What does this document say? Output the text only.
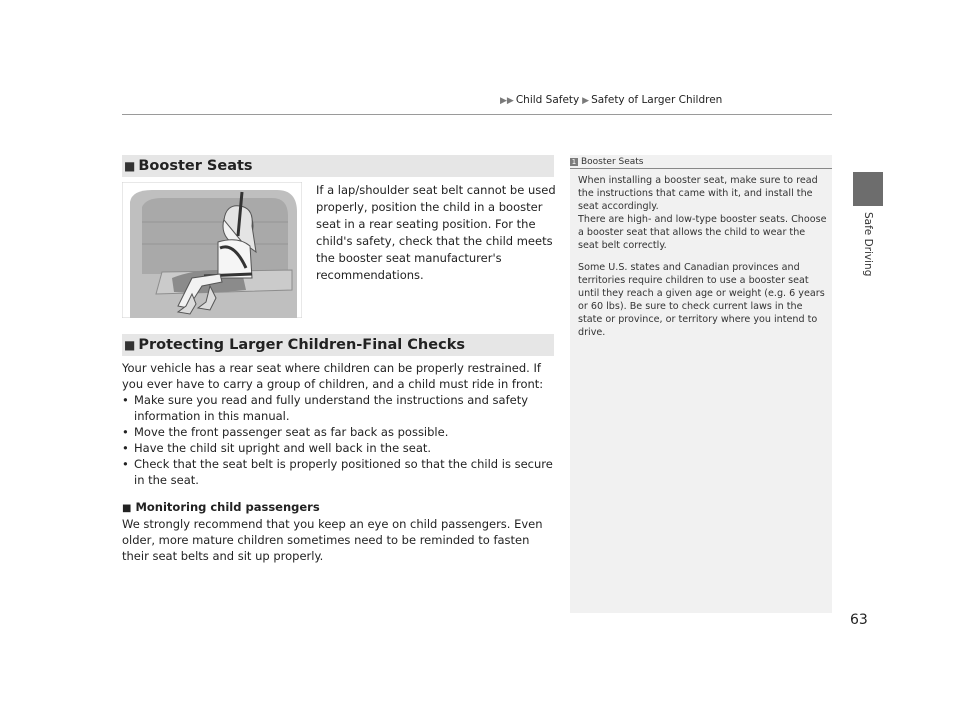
▶▶ Child Safety ▶ Safety of Larger Children
Safe Driving
■ Booster Seats
If a lap/shoulder seat belt cannot be used properly, position the child in a booster seat in a rear seating position. For the child's safety, check that the child meets the booster seat manufacturer's recommendations.
■ Protecting Larger Children-Final Checks
Your vehicle has a rear seat where children can be properly restrained. If you ever have to carry a group of children, and a child must ride in front:
• Make sure you read and fully understand the instructions and safety information in this manual.
• Move the front passenger seat as far back as possible.
• Have the child sit upright and well back in the seat.
• Check that the seat belt is properly positioned so that the child is secure in the seat.
■ Monitoring child passengers
We strongly recommend that you keep an eye on child passengers. Even older, more mature children sometimes need to be reminded to fasten their seat belts and sit up properly.
1 Booster Seats

When installing a booster seat, make sure to read the instructions that came with it, and install the seat accordingly.

There are high- and low-type booster seats. Choose a booster seat that allows the child to wear the seat belt correctly.

Some U.S. states and Canadian provinces and territories require children to use a booster seat until they reach a given age or weight (e.g. 6 years or 60 lbs). Be sure to check current laws in the state or province, or territory where you intend to drive.

63
